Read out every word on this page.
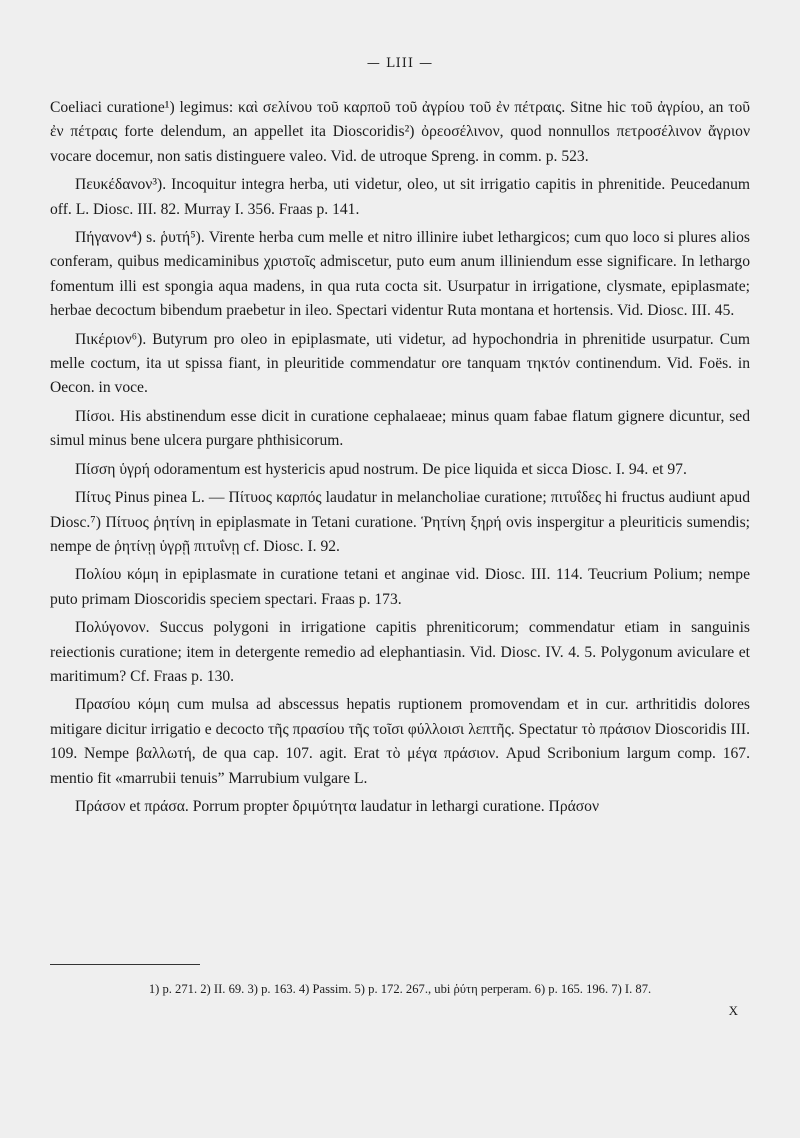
— LIII —

Coeliaci curatione¹) legimus: καὶ σελίνου τοῦ καρποῦ τοῦ ἀγρίου τοῦ ἐν πέτραις. Sitne hic τοῦ ἀγρίου, an τοῦ ἐν πέτραις forte delendum, an appellet ita Dioscoridis²) ὀρεοσέλινον, quod nonnullos πετροσέλινον ἄγριον vocare docemur, non satis distinguere valeo. Vid. de utroque Spreng. in comm. p. 523.

Πευκέδανον³). Incoquitur integra herba, uti videtur, oleo, ut sit irrigatio capitis in phrenitide. Peucedanum off. L. Diosc. III. 82. Murray I. 356. Fraas p. 141.

Πήγανον⁴) s. ῥυτή⁵). Virente herba cum melle et nitro illinire iubet lethargicos; cum quo loco si plures alios conferam, quibus medicaminibus χριστοῖς admiscetur, puto eum anum illiniendum esse significare. In lethargo fomentum illi est spongia aqua madens, in qua ruta cocta sit. Usurpatur in irrigatione, clysmate, epiplasmate; herbae decoctum bibendum praebetur in ileo. Spectari videntur Ruta montana et hortensis. Vid. Diosc. III. 45.

Πικέριον⁶). Butyrum pro oleo in epiplasmate, uti videtur, ad hypochondria in phrenitide usurpatur. Cum melle coctum, ita ut spissa fiant, in pleuritide commendatur ore tanquam τηκτόν continendum. Vid. Foës. in Oecon. in voce.

Πίσοι. His abstinendum esse dicit in curatione cephalaeae; minus quam fabae flatum gignere dicuntur, sed simul minus bene ulcera purgare phthisicorum.

Πίσση ὑγρή odoramentum est hystericis apud nostrum. De pice liquida et sicca Diosc. I. 94. et 97.

Πίτυς Pinus pinea L. — Πίτυος καρπός laudatur in melancholiae curatione; πιτυΐδες hi fructus audiunt apud Diosc.⁷) Πίτυος ῥητίνη in epiplasmate in Tetani curatione. Ῥητίνη ξηρή ovis inspergitur a pleuriticis sumendis; nempe de ῥητίνῃ ὑγρῇ πιτυΐνῃ cf. Diosc. I. 92.

Πολίου κόμη in epiplasmate in curatione tetani et anginae vid. Diosc. III. 114. Teucrium Polium; nempe puto primam Dioscoridis speciem spectari. Fraas p. 173.

Πολύγονον. Succus polygoni in irrigatione capitis phreniticorum; commendatur etiam in sanguinis reiectionis curatione; item in detergente remedio ad elephantiasin. Vid. Diosc. IV. 4. 5. Polygonum aviculare et maritimum? Cf. Fraas p. 130.

Πρασίου κόμη cum mulsa ad abscessus hepatis ruptionem promovendam et in cur. arthritidis dolores mitigare dicitur irrigatio e decocto τῆς πρασίου τῆς τοῖσι φύλλοισι λεπτῆς. Spectatur τὸ πράσιον Dioscoridis III. 109. Nempe βαλλωτή, de qua cap. 107. agit. Erat τὸ μέγα πράσιον. Apud Scribonium largum comp. 167. mentio fit «marrubii tenuis” Marrubium vulgare L.

Πράσον et πράσα. Porrum propter δριμύτητα laudatur in lethargi curatione. Πράσον

1) p. 271. 2) II. 69. 3) p. 163. 4) Passim. 5) p. 172. 267., ubi ῥύτη perperam. 6) p. 165. 196. 7) I. 87.
X
